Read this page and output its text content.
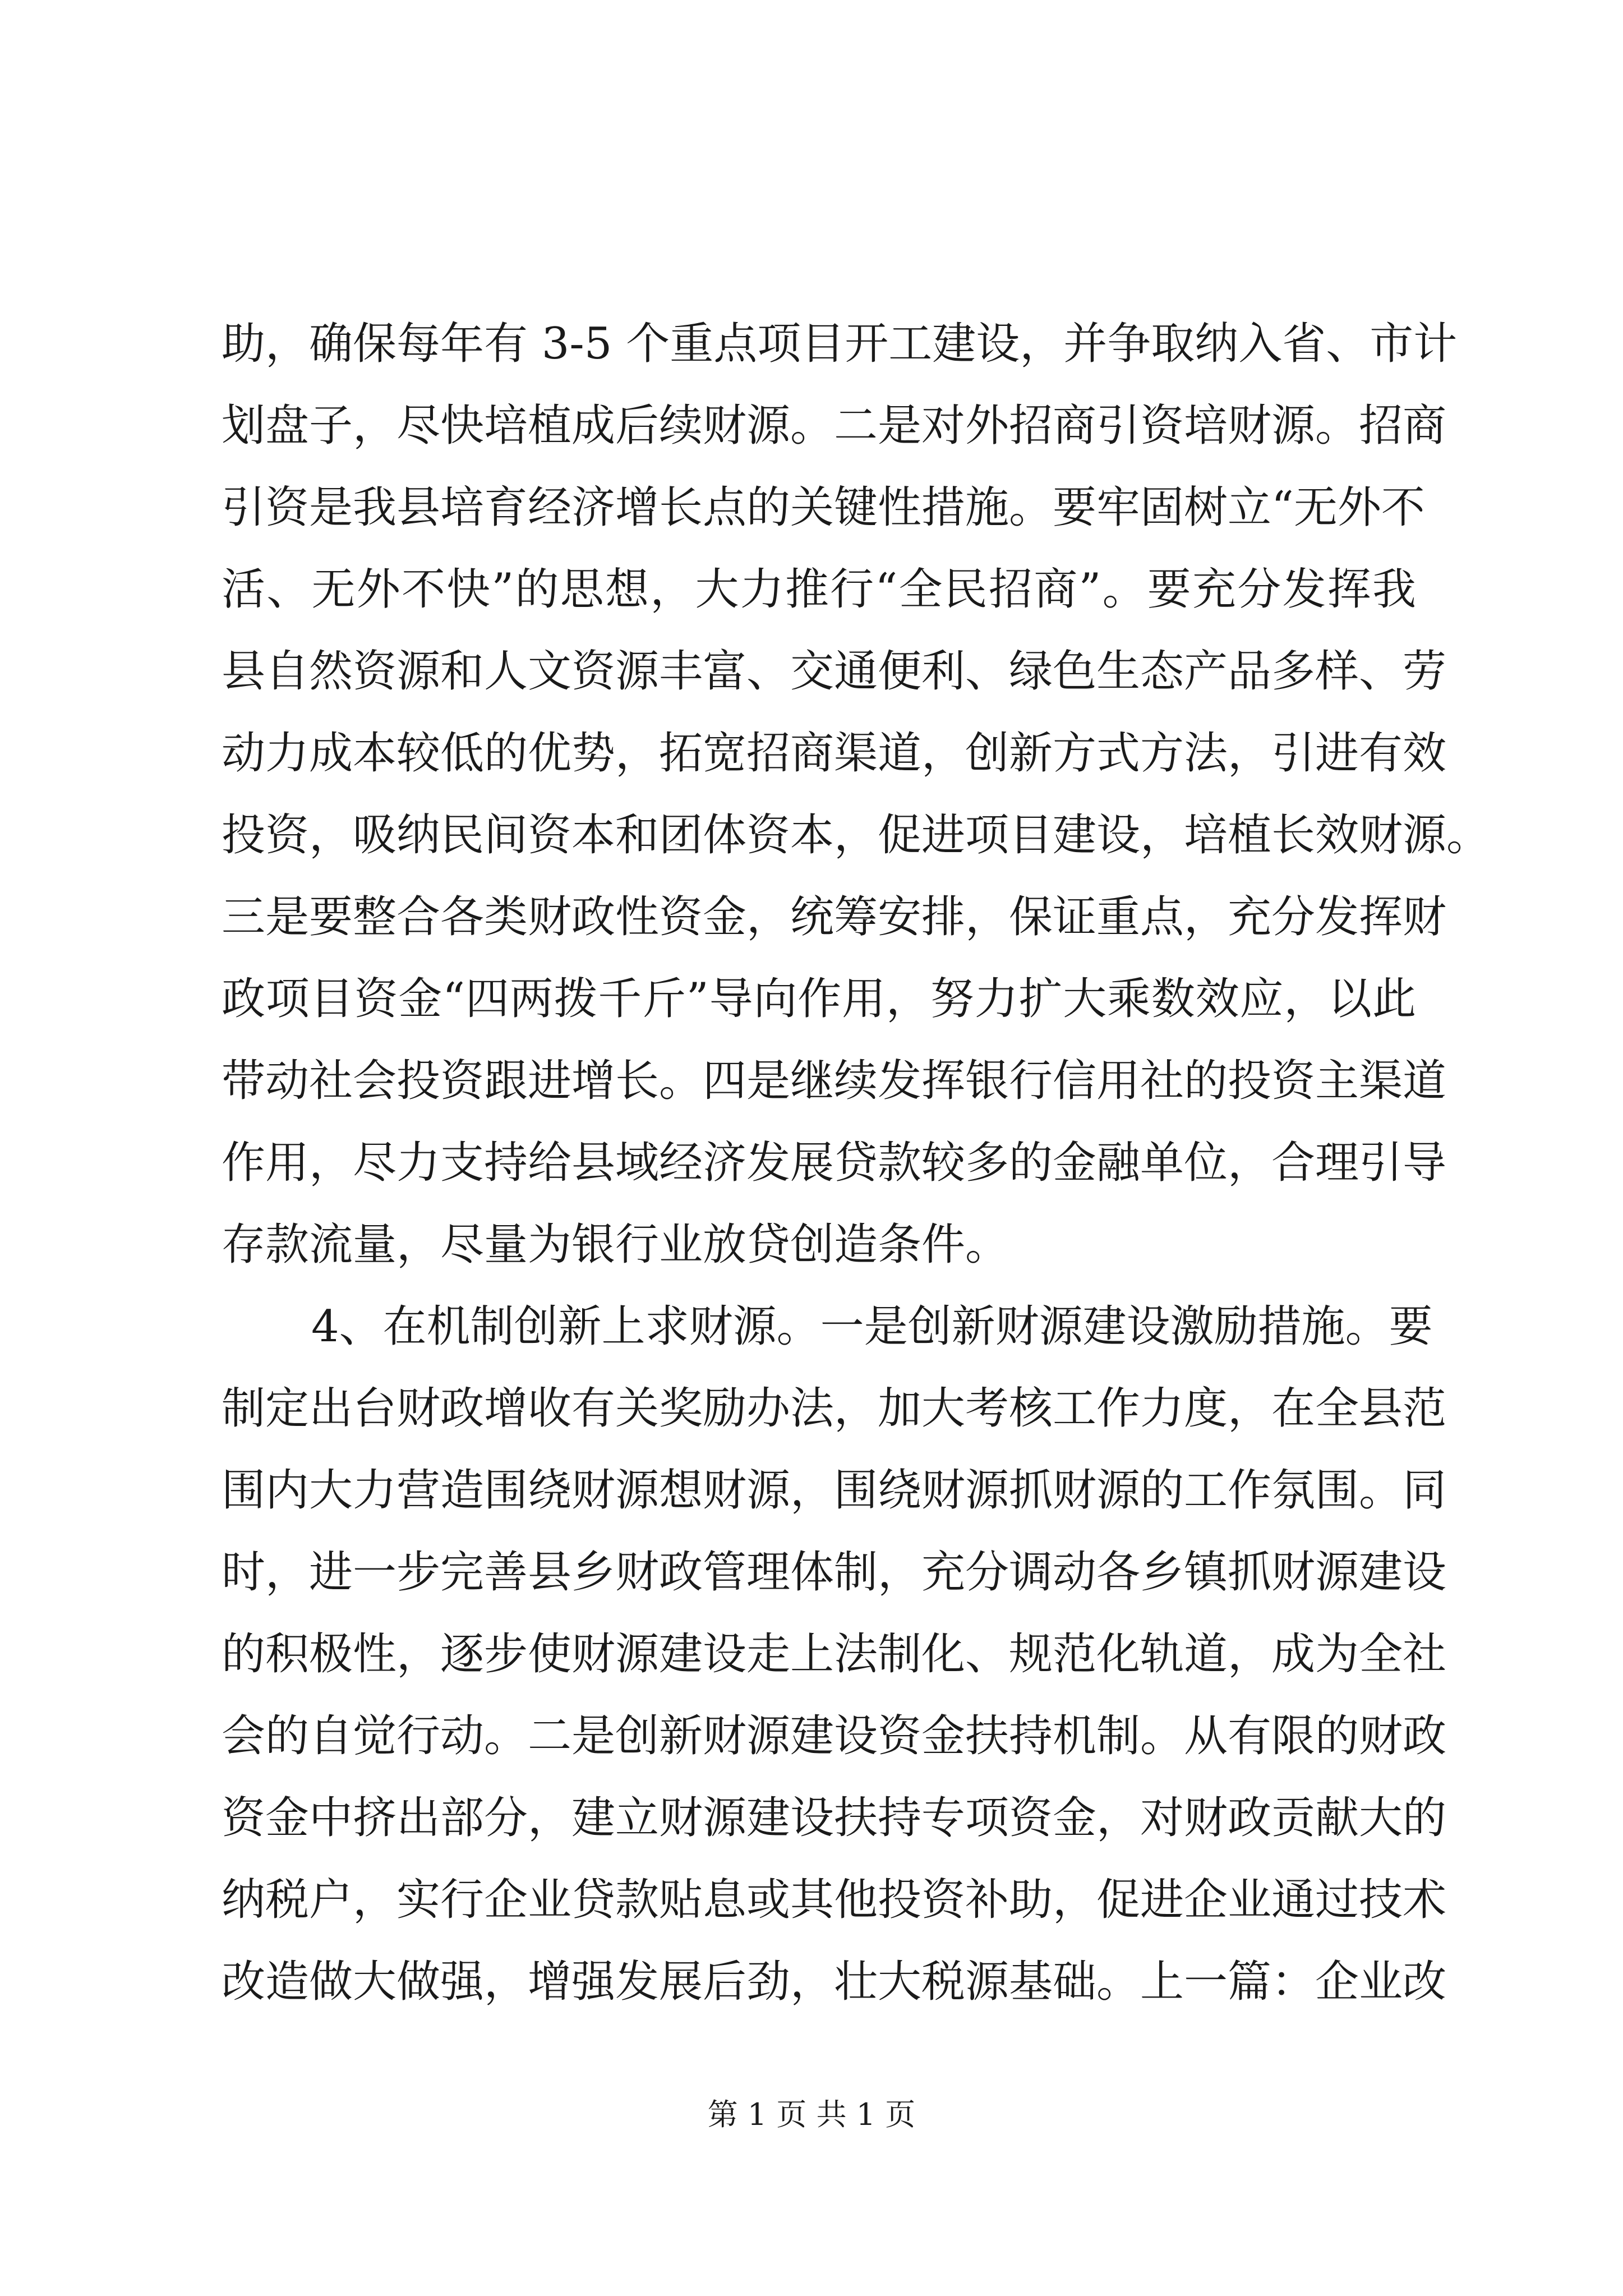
助，确保每年有 3-5 个重点项目开工建设，并争取纳入省、市计
划盘子，尽快培植成后续财源。二是对外招商引资培财源。招商
引资是我县培育经济增长点的关键性措施。要牢固树立“无外不
活、无外不快”的思想，大力推行“全民招商”。要充分发挥我
县自然资源和人文资源丰富、交通便利、绿色生态产品多样、劳
动力成本较低的优势，拓宽招商渠道，创新方式方法，引进有效
投资，吸纳民间资本和团体资本，促进项目建设，培植长效财源。
三是要整合各类财政性资金，统筹安排，保证重点，充分发挥财
政项目资金“四两拨千斤”导向作用，努力扩大乘数效应，以此
带动社会投资跟进增长。四是继续发挥银行信用社的投资主渠道
作用，尽力支持给县域经济发展贷款较多的金融单位，合理引导
存款流量，尽量为银行业放贷创造条件。
4、在机制创新上求财源。一是创新财源建设激励措施。要
制定出台财政增收有关奖励办法，加大考核工作力度，在全县范
围内大力营造围绕财源想财源，围绕财源抓财源的工作氛围。同
时，进一步完善县乡财政管理体制，充分调动各乡镇抓财源建设
的积极性，逐步使财源建设走上法制化、规范化轨道，成为全社
会的自觉行动。二是创新财源建设资金扶持机制。从有限的财政
资金中挤出部分，建立财源建设扶持专项资金，对财政贡献大的
纳税户，实行企业贷款贴息或其他投资补助，促进企业通过技术
改造做大做强，增强发展后劲，壮大税源基础。上一篇：企业改
第 1 页 共 1 页
